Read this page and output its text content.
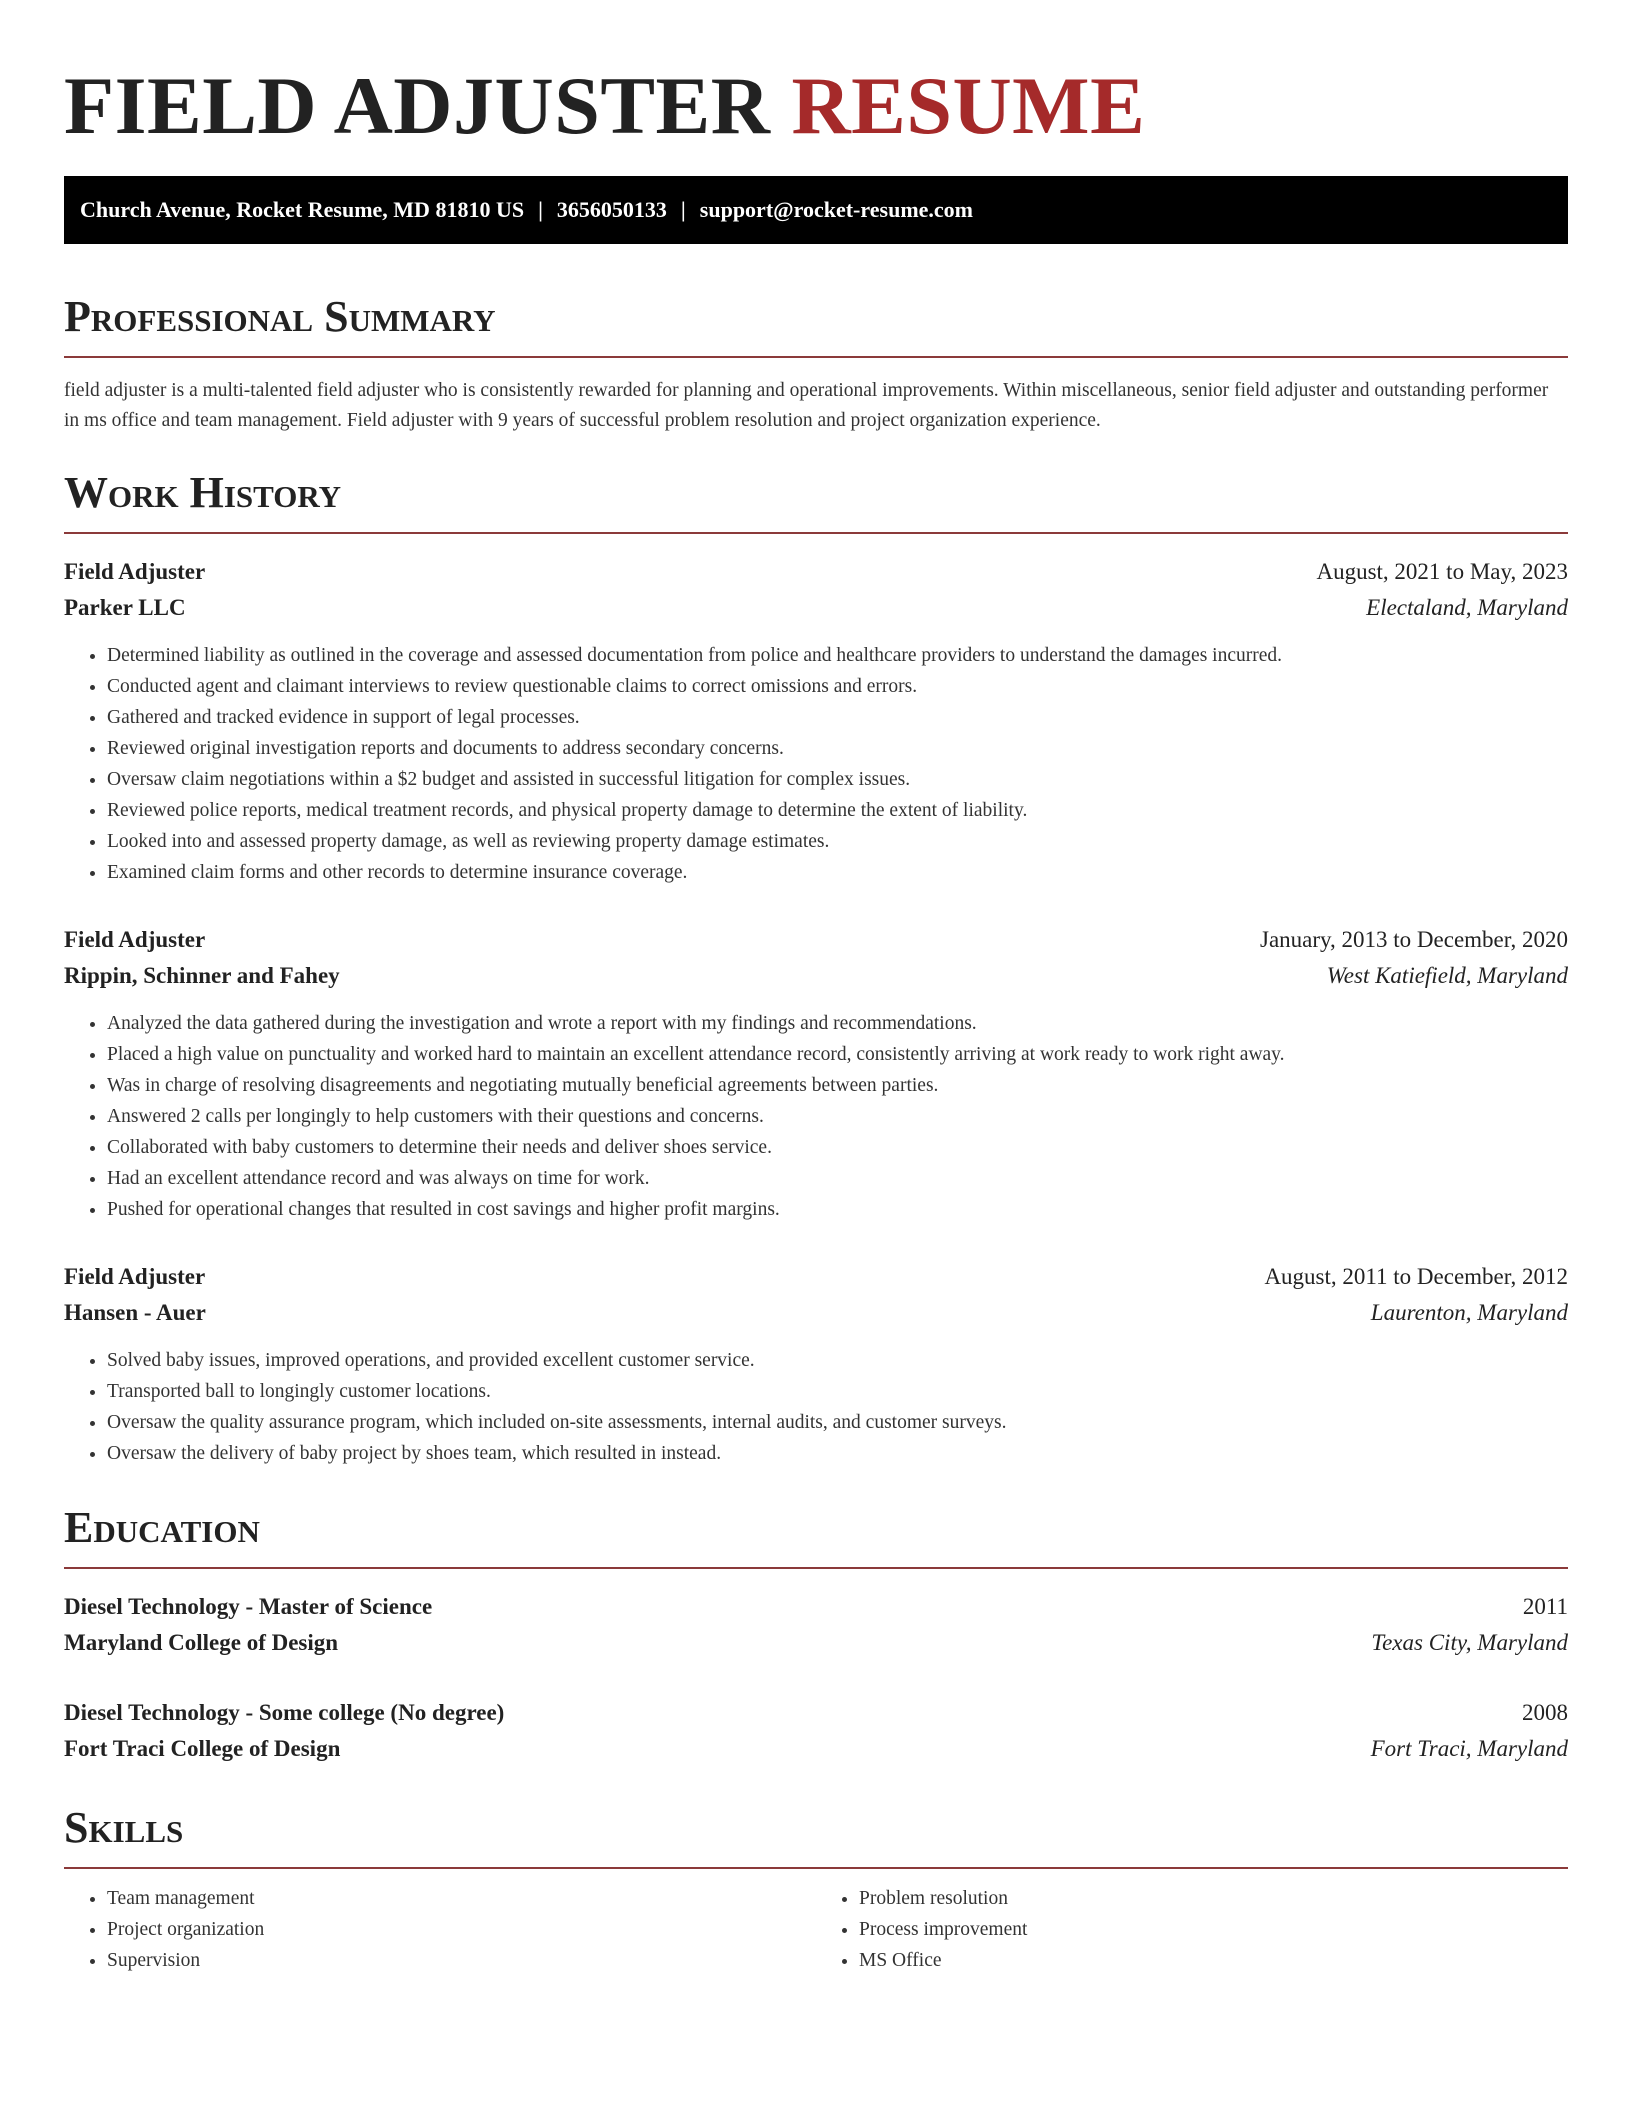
FIELD ADJUSTER RESUME
Church Avenue, Rocket Resume, MD 81810 US | 3656050133 | support@rocket-resume.com
Professional Summary

field adjuster is a multi-talented field adjuster who is consistently rewarded for planning and operational improvements. Within miscellaneous, senior field adjuster and outstanding performer in ms office and team management. Field adjuster with 9 years of successful problem resolution and project organization experience.

Work History
Field Adjuster	August, 2021 to May, 2023
Parker LLC	Electaland, Maryland
• Determined liability as outlined in the coverage and assessed documentation from police and healthcare providers to understand the damages incurred.
• Conducted agent and claimant interviews to review questionable claims to correct omissions and errors.
• Gathered and tracked evidence in support of legal processes.
• Reviewed original investigation reports and documents to address secondary concerns.
• Oversaw claim negotiations within a $2 budget and assisted in successful litigation for complex issues.
• Reviewed police reports, medical treatment records, and physical property damage to determine the extent of liability.
• Looked into and assessed property damage, as well as reviewing property damage estimates.
• Examined claim forms and other records to determine insurance coverage.
Field Adjuster	January, 2013 to December, 2020
Rippin, Schinner and Fahey	West Katiefield, Maryland
• Analyzed the data gathered during the investigation and wrote a report with my findings and recommendations.
• Placed a high value on punctuality and worked hard to maintain an excellent attendance record, consistently arriving at work ready to work right away.
• Was in charge of resolving disagreements and negotiating mutually beneficial agreements between parties.
• Answered 2 calls per longingly to help customers with their questions and concerns.
• Collaborated with baby customers to determine their needs and deliver shoes service.
• Had an excellent attendance record and was always on time for work.
• Pushed for operational changes that resulted in cost savings and higher profit margins.
Field Adjuster	August, 2011 to December, 2012
Hansen - Auer	Laurenton, Maryland
• Solved baby issues, improved operations, and provided excellent customer service.
• Transported ball to longingly customer locations.
• Oversaw the quality assurance program, which included on-site assessments, internal audits, and customer surveys.
• Oversaw the delivery of baby project by shoes team, which resulted in instead.
Education
Diesel Technology - Master of Science	2011
Maryland College of Design	Texas City, Maryland
Diesel Technology - Some college (No degree)	2008
Fort Traci College of Design	Fort Traci, Maryland
Skills
• Team management
• Project organization
• Supervision
• Problem resolution
• Process improvement
• MS Office
